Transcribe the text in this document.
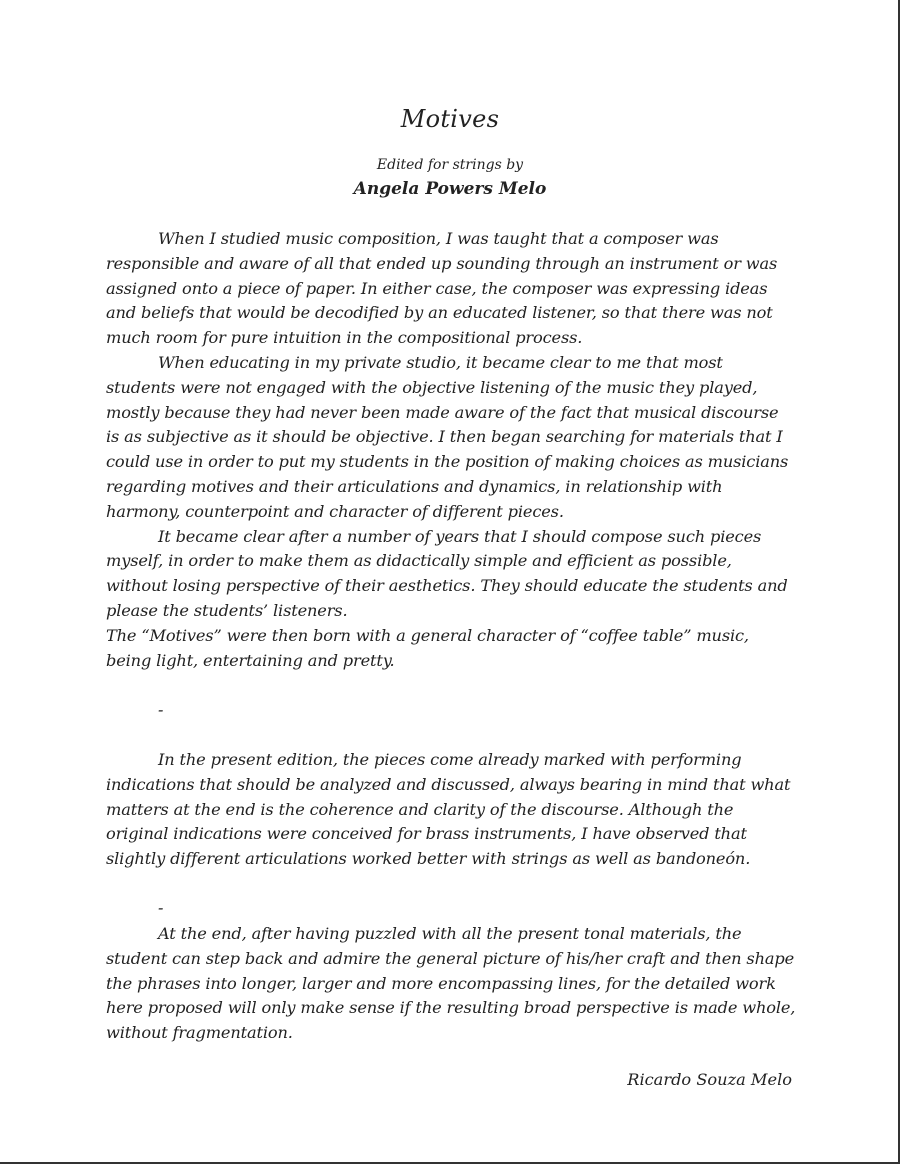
Motives
Edited for strings by
Angela Powers Melo

When I studied music composition, I was taught that a composer was responsible and aware of all that ended up sounding through an instrument or was assigned onto a piece of paper. In either case, the composer was expressing ideas and beliefs that would be decodified by an educated listener, so that there was not much room for pure intuition in the compositional process.

When educating in my private studio, it became clear to me that most students were not engaged with the objective listening of the music they played, mostly because they had never been made aware of the fact that musical discourse is as subjective as it should be objective. I then began searching for materials that I could use in order to put my students in the position of making choices as musicians regarding motives and their articulations and dynamics, in relationship with harmony, counterpoint and character of different pieces.

It became clear after a number of years that I should compose such pieces myself, in order to make them as didactically simple and efficient as possible, without losing perspective of their aesthetics. They should educate the students and please the students’ listeners.

The “Motives” were then born with a general character of “coffee table” music, being light, entertaining and pretty.

-

In the present edition, the pieces come already marked with performing indications that should be analyzed and discussed, always bearing in mind that what matters at the end is the coherence and clarity of the discourse. Although the original indications were conceived for brass instruments, I have observed that slightly different articulations worked better with strings as well as bandoneón.

-

At the end, after having puzzled with all the present tonal materials, the student can step back and admire the general picture of his/her craft and then shape the phrases into longer, larger and more encompassing lines, for the detailed work here proposed will only make sense if the resulting broad perspective is made whole, without fragmentation.

Ricardo Souza Melo
